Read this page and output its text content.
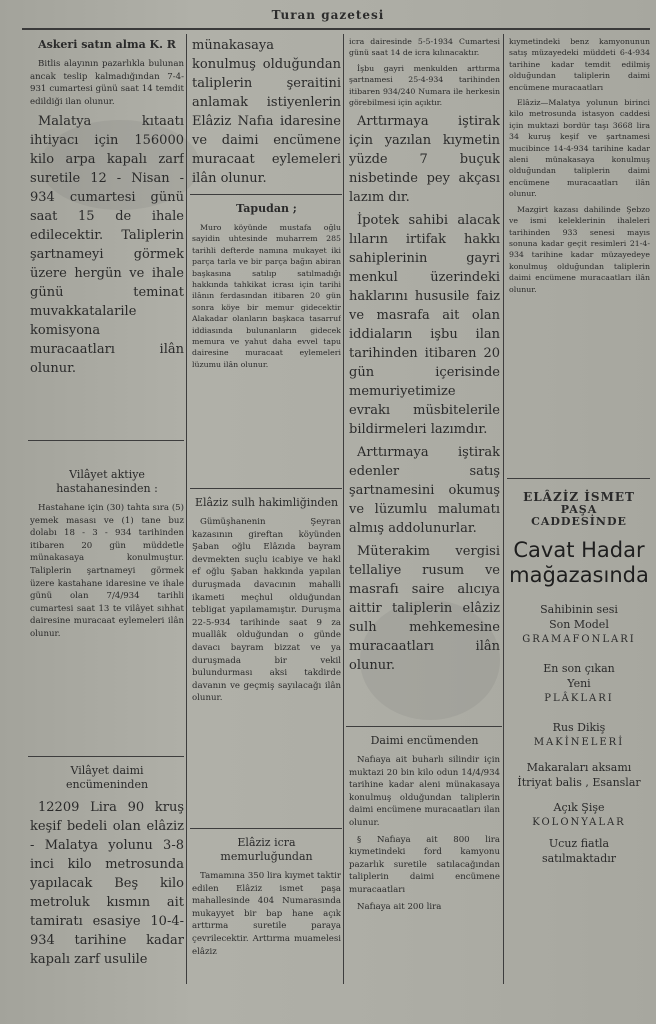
Turan gazetesi
Askeri satın alma K. R

Bitlis alayının pazarlıkla bulunan ancak teslip kalmadığından 7-4-931 cumartesi günü saat 14 temdit edildiği ilan olunur.

Malatya kıtaatı ihtiyacı için 156000 kilo arpa kapalı zarf suretile 12 - Nisan - 934 cumartesi günü saat 15 de ihale edilecektir. Taliplerin şartnameyi görmek üzere hergün ve ihale günü teminat muvakkatalarile komisyona muracaatları ilân olunur.

Vilâyet aktiye hastahanesinden :

Hastahane için (30) tahta sıra (5) yemek masası ve (1) tane buz dolabı 18 - 3 - 934 tarihinden itibaren 20 gün müddetle münakasaya konulmuştur. Taliplerin şartnameyi görmek üzere kastahane idaresine ve ihale günü olan 7/4/934 tarihli cumartesi saat 13 te vilâyet sıhhat dairesine muracaat eylemeleri ilân olunur.

Vilâyet daimi encümeninden

12209 Lira 90 kruş keşif bedeli olan elâziz - Malatya yolunu 3-8 inci kilo metrosunda yapılacak Beş kilo metroluk kısmın ait tamiratı esasiye 10-4-934 tarihine kadar kapalı zarf usulile

münakasaya konulmuş olduğundan taliplerin şeraitini anlamak istiyenlerin Elâziz Nafıa idaresine ve daimi encümene muracaat eylemeleri ilân olunur.

Tapudan ;

Muro köyünde mustafa oğlu sayidin uhtesinde muharrem 285 tarihli defterde namına mukayet iki parça tarla ve bir parça bağın abiran başkasına satılıp satılmadığı hakkında tahkikat icrası için tarihi ilânın ferdasından itibaren 20 gün sonra köye bir memur gidecektir Alakadar olanların başkaca tasarruf iddiasında bulunanların gidecek memura ve yahut daha evvel tapu dairesine muracaat eylemeleri lüzumu ilân olunur.

Elâziz sulh hakimliğinden

Gümüşhanenin Şeyran kazasının gireftan köyünden Şaban oğlu Elâzıda bayram devmekten suçlu icabiye ve hakl ef oğlu Şaban hakkında yapılan duruşmada davacının mahalli ikameti meçhul olduğundan tebligat yapılamamıştır. Duruşma 22-5-934 tarihinde saat 9 za muallâk olduğundan o günde davacı bayram bizzat ve ya duruşmada bir vekil bulundurması aksi takdirde davanın ve geçmiş sayılacağı ilân olunur.

Elâziz icra memurluğundan

Tamamına 350 lira kıymet taktir edilen Elâziz ismet paşa mahallesinde 404 Numarasında mukayyet bir bap hane açık arttırma suretile paraya çevrilecektir. Arttırma muamelesi elâziz

icra dairesinde 5-5-1934 Cumartesi günü saat 14 de icra kılınacaktır.

İşbu gayri menkulden arttırma şartnamesi 25-4-934 tarihinden itibaren 934/240 Numara ile herkesin görebilmesi için açıktır.

Arttırmaya iştirak için yazılan kıymetin yüzde 7 buçuk nisbetinde pey akçası lazım dır.

İpotek sahibi alacak lıların irtifak hakkı sahiplerinin gayri menkul üzerindeki haklarını hususile faiz ve masrafa ait olan iddiaların işbu ilan tarihinden itibaren 20 gün içerisinde memuriyetimize evrakı müsbitelerile bildirmeleri lazımdır.

Arttırmaya iştirak edenler satış şartnamesini okumuş ve lüzumlu malumatı almış addolunurlar.

Müterakim vergisi tellaliye rusum ve masrafı saire alıcıya aittir taliplerin elâziz sulh mehkemesine muracaatları ilân olunur.

Daimi encümenden

Nafıaya ait buharlı silindir için muktazi 20 bin kilo odun 14/4/934 tarihine kadar aleni münakasaya konulmuş olduğundan taliplerin daimi encümene muracaatları ilan olunur.

§ Nafıaya ait 800 lira kıymetindeki ford kamyonu pazarlık suretile satılacağından taliplerin daimi encümene muracaatları

Nafıaya ait 200 lira

kıymetindeki benz kamyonunun satış müzayedeki müddeti 6-4-934 tarihine kadar temdit edilmiş olduğundan taliplerin daimi encümene muracaatları

Elâziz—Malatya yolunun birinci kilo metrosunda istasyon caddesi için muktazi bordür taşı 3668 lira 34 kuruş keşif ve şartnamesi mucibince 14-4-934 tarihine kadar aleni münakasaya konulmuş olduğundan taliplerin daimi encümene muracaatları ilân olunur.

Mazgirt kazası dahilinde Şebzo ve ismi keleklerinin ihaleleri tarihinden 933 senesi mayıs sonuna kadar geçit resimleri 21-4-934 tarihine kadar müzayedeye konulmuş olduğundan taliplerin daimi encümene muracaatları ilân olunur.

ELÂZİZ İSMET
PAŞA
CADDESİNDE
Cavat Hadar
mağazasında
Sahibinin sesi
Son Model
GRAMAFONLARI
En son çıkan
Yeni
PLÂKLARI
Rus Dikiş
MAKİNELERİ
Makaraları aksamı
İtriyat balis , Esanslar
Açık Şişe
KOLONYALAR
Ucuz fiatla
satılmaktadır
